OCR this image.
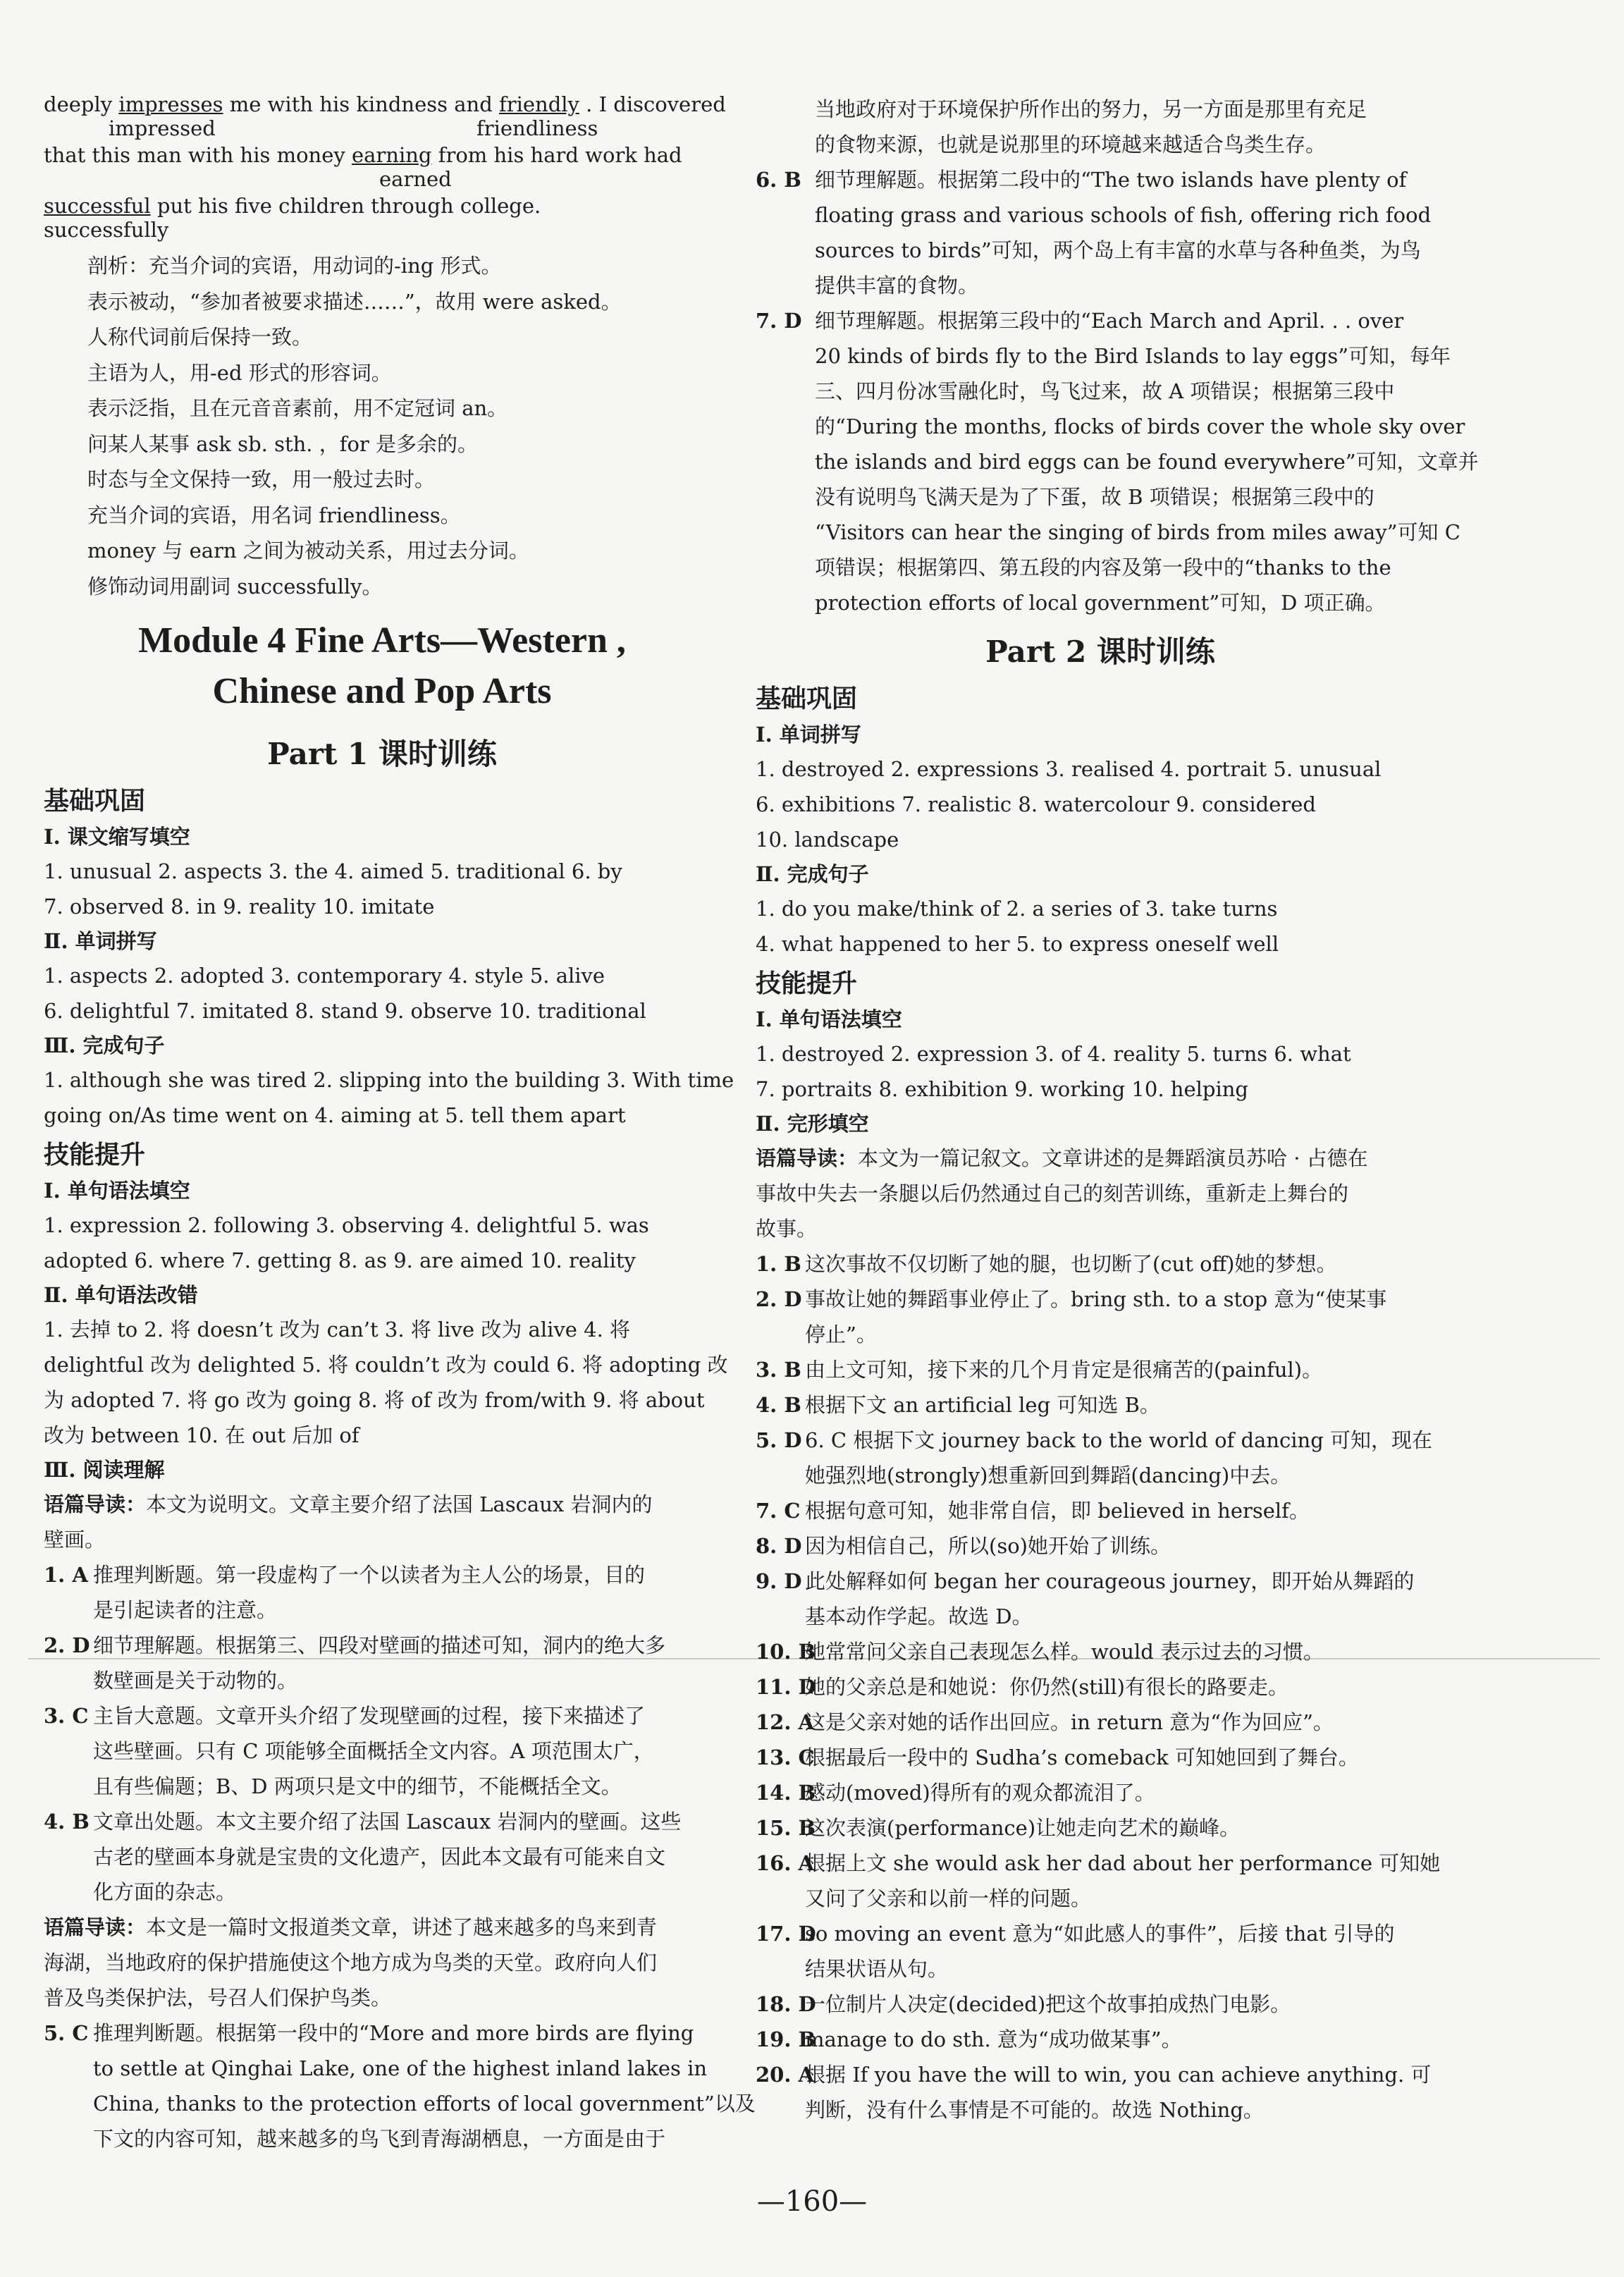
deeply impresses me with his kindness and friendly . I discovered
impressed	friendliness
that this man with his money earning from his hard work had
earned
successful put his five children through college.
successfully
剖析：充当介词的宾语，用动词的-ing 形式。
表示被动，“参加者被要求描述……”，故用 were asked。
人称代词前后保持一致。
主语为人，用-ed 形式的形容词。
表示泛指，且在元音音素前，用不定冠词 an。
问某人某事 ask sb. sth. ，for 是多余的。
时态与全文保持一致，用一般过去时。
充当介词的宾语，用名词 friendliness。
money 与 earn 之间为被动关系，用过去分词。
修饰动词用副词 successfully。
Module 4 Fine Arts—Western ,
Chinese and Pop Arts
Part 1 课时训练
基础巩固
Ⅰ. 课文缩写填空
1. unusual 2. aspects 3. the 4. aimed 5. traditional 6. by
7. observed 8. in 9. reality 10. imitate
Ⅱ. 单词拼写
1. aspects 2. adopted 3. contemporary 4. style 5. alive
6. delightful 7. imitated 8. stand 9. observe 10. traditional
Ⅲ. 完成句子
1. although she was tired 2. slipping into the building 3. With time
going on/As time went on 4. aiming at 5. tell them apart
技能提升
Ⅰ. 单句语法填空
1. expression 2. following 3. observing 4. delightful 5. was
adopted 6. where 7. getting 8. as 9. are aimed 10. reality
Ⅱ. 单句语法改错
1. 去掉 to 2. 将 doesn’t 改为 can’t 3. 将 live 改为 alive 4. 将
delightful 改为 delighted 5. 将 couldn’t 改为 could 6. 将 adopting 改
为 adopted 7. 将 go 改为 going 8. 将 of 改为 from/with 9. 将 about
改为 between 10. 在 out 后加 of
Ⅲ. 阅读理解
语篇导读：本文为说明文。文章主要介绍了法国 Lascaux 岩洞内的
壁画。
1. A 推理判断题。第一段虚构了一个以读者为主人公的场景，目的
是引起读者的注意。
2. D 细节理解题。根据第三、四段对壁画的描述可知，洞内的绝大多
数壁画是关于动物的。
3. C 主旨大意题。文章开头介绍了发现壁画的过程，接下来描述了
这些壁画。只有 C 项能够全面概括全文内容。A 项范围太广，
且有些偏题；B、D 两项只是文中的细节，不能概括全文。
4. B 文章出处题。本文主要介绍了法国 Lascaux 岩洞内的壁画。这些
古老的壁画本身就是宝贵的文化遗产，因此本文最有可能来自文
化方面的杂志。
语篇导读：本文是一篇时文报道类文章，讲述了越来越多的鸟来到青
海湖，当地政府的保护措施使这个地方成为鸟类的天堂。政府向人们
普及鸟类保护法，号召人们保护鸟类。
5. C 推理判断题。根据第一段中的“More and more birds are flying
to settle at Qinghai Lake, one of the highest inland lakes in
China, thanks to the protection efforts of local government”以及
下文的内容可知，越来越多的鸟飞到青海湖栖息，一方面是由于
当地政府对于环境保护所作出的努力，另一方面是那里有充足
的食物来源，也就是说那里的环境越来越适合鸟类生存。
6. B 细节理解题。根据第二段中的“The two islands have plenty of
floating grass and various schools of fish, offering rich food
sources to birds”可知，两个岛上有丰富的水草与各种鱼类，为鸟
提供丰富的食物。
7. D 细节理解题。根据第三段中的“Each March and April. . . over
20 kinds of birds fly to the Bird Islands to lay eggs”可知，每年
三、四月份冰雪融化时，鸟飞过来，故 A 项错误；根据第三段中
的“During the months, flocks of birds cover the whole sky over
the islands and bird eggs can be found everywhere”可知，文章并
没有说明鸟飞满天是为了下蛋，故 B 项错误；根据第三段中的
“Visitors can hear the singing of birds from miles away”可知 C
项错误；根据第四、第五段的内容及第一段中的“thanks to the
protection efforts of local government”可知，D 项正确。
Part 2 课时训练
基础巩固
Ⅰ. 单词拼写
1. destroyed 2. expressions 3. realised 4. portrait 5. unusual
6. exhibitions 7. realistic 8. watercolour 9. considered
10. landscape
Ⅱ. 完成句子
1. do you make/think of 2. a series of 3. take turns
4. what happened to her 5. to express oneself well
技能提升
Ⅰ. 单句语法填空
1. destroyed 2. expression 3. of 4. reality 5. turns 6. what
7. portraits 8. exhibition 9. working 10. helping
Ⅱ. 完形填空
语篇导读：本文为一篇记叙文。文章讲述的是舞蹈演员苏哈 · 占德在
事故中失去一条腿以后仍然通过自己的刻苦训练，重新走上舞台的
故事。
1. B 这次事故不仅切断了她的腿，也切断了(cut off)她的梦想。
2. D 事故让她的舞蹈事业停止了。bring sth. to a stop 意为“使某事
停止”。
3. B 由上文可知，接下来的几个月肯定是很痛苦的(painful)。
4. B 根据下文 an artificial leg 可知选 B。
5. D 6. C 根据下文 journey back to the world of dancing 可知，现在
她强烈地(strongly)想重新回到舞蹈(dancing)中去。
7. C 根据句意可知，她非常自信，即 believed in herself。
8. D 因为相信自己，所以(so)她开始了训练。
9. D 此处解释如何 began her courageous journey，即开始从舞蹈的
基本动作学起。故选 D。
10. B
她常常问父亲自己表现怎么样。would 表示过去的习惯。
11. D
她的父亲总是和她说：你仍然(still)有很长的路要走。
12. A
这是父亲对她的话作出回应。in return 意为“作为回应”。
13. C
根据最后一段中的 Sudha’s comeback 可知她回到了舞台。
14. B
感动(moved)得所有的观众都流泪了。
15. B
这次表演(performance)让她走向艺术的巅峰。
16. A
根据上文 she would ask her dad about her performance 可知她
又问了父亲和以前一样的问题。
17. D
so moving an event 意为“如此感人的事件”，后接 that 引导的
结果状语从句。
18. D
一位制片人决定(decided)把这个故事拍成热门电影。
19. B
manage to do sth. 意为“成功做某事”。
20. A
根据 If you have the will to win, you can achieve anything. 可
判断，没有什么事情是不可能的。故选 Nothing。
—160—
